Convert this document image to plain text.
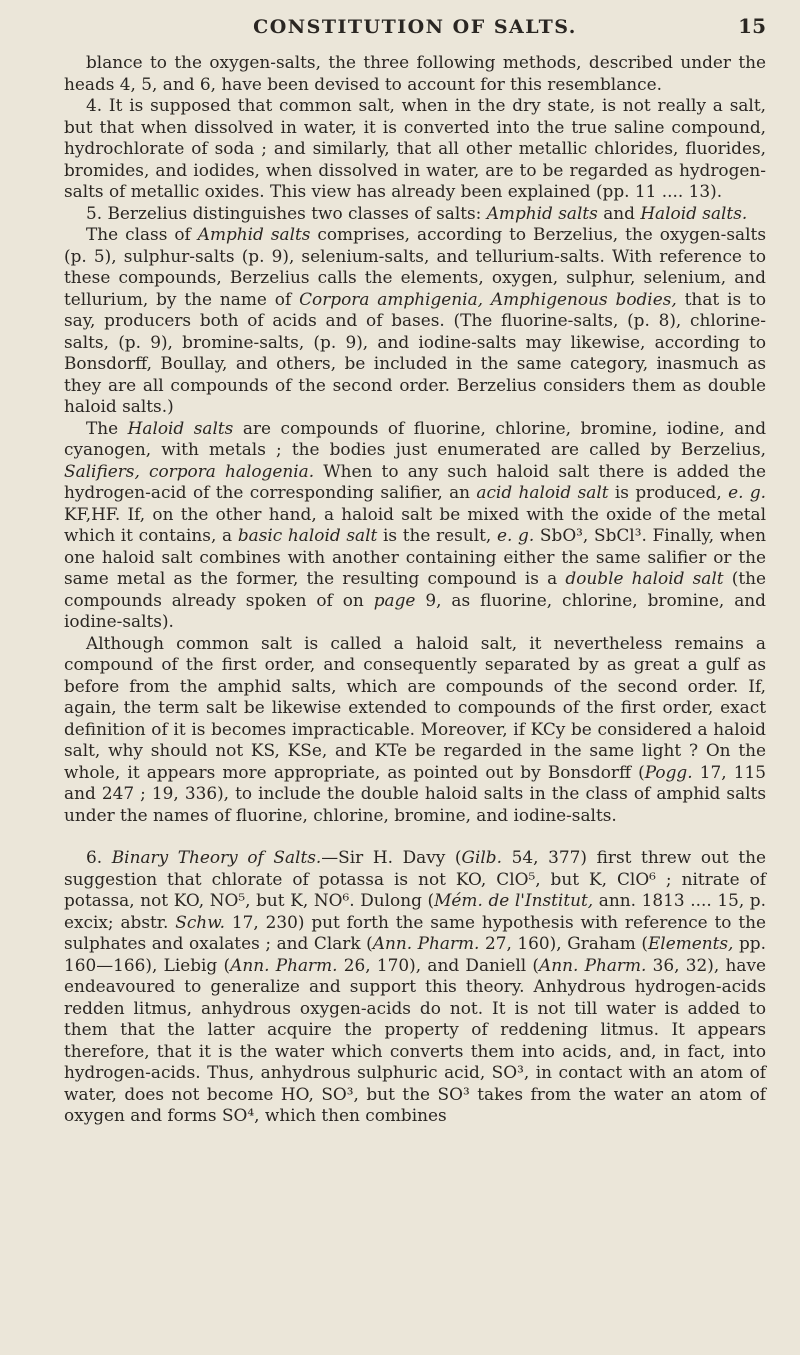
CONSTITUTION OF SALTS.	15

blance to the oxygen-salts, the three following methods, described under the heads 4, 5, and 6, have been devised to account for this resemblance.

4. It is supposed that common salt, when in the dry state, is not really a salt, but that when dissolved in water, it is converted into the true saline compound, hydrochlorate of soda ; and similarly, that all other metallic chlorides, fluorides, bromides, and iodides, when dissolved in water, are to be regarded as hydrogen-salts of metallic oxides. This view has already been explained (pp. 11 .... 13).

5. Berzelius distinguishes two classes of salts: Amphid salts and Haloid salts.

The class of Amphid salts comprises, according to Berzelius, the oxygen-salts (p. 5), sulphur-salts (p. 9), selenium-salts, and tellurium-salts. With reference to these compounds, Berzelius calls the elements, oxygen, sulphur, selenium, and tellurium, by the name of Corpora amphigenia, Amphigenous bodies, that is to say, producers both of acids and of bases. (The fluorine-salts, (p. 8), chlorine-salts, (p. 9), bromine-salts, (p. 9), and iodine-salts may likewise, according to Bonsdorff, Boullay, and others, be included in the same category, inasmuch as they are all compounds of the second order. Berzelius considers them as double haloid salts.)

The Haloid salts are compounds of fluorine, chlorine, bromine, iodine, and cyanogen, with metals ; the bodies just enumerated are called by Berzelius, Salifiers, corpora halogenia. When to any such haloid salt there is added the hydrogen-acid of the corresponding salifier, an acid haloid salt is produced, e. g. KF,HF. If, on the other hand, a haloid salt be mixed with the oxide of the metal which it contains, a basic haloid salt is the result, e. g. SbO³, SbCl³. Finally, when one haloid salt combines with another containing either the same salifier or the same metal as the former, the resulting compound is a double haloid salt (the compounds already spoken of on page 9, as fluorine, chlorine, bromine, and iodine-salts).

Although common salt is called a haloid salt, it nevertheless remains a compound of the first order, and consequently separated by as great a gulf as before from the amphid salts, which are compounds of the second order. If, again, the term salt be likewise extended to compounds of the first order, exact definition of it is becomes impracticable. Moreover, if KCy be considered a haloid salt, why should not KS, KSe, and KTe be regarded in the same light ? On the whole, it appears more appropriate, as pointed out by Bonsdorff (Pogg. 17, 115 and 247 ; 19, 336), to include the double haloid salts in the class of amphid salts under the names of fluorine, chlorine, bromine, and iodine-salts.

6. Binary Theory of Salts.—Sir H. Davy (Gilb. 54, 377) first threw out the suggestion that chlorate of potassa is not KO, ClO⁵, but K, ClO⁶ ; nitrate of potassa, not KO, NO⁵, but K, NO⁶. Dulong (Mém. de l'Institut, ann. 1813 .... 15, p. excix; abstr. Schw. 17, 230) put forth the same hypothesis with reference to the sulphates and oxalates ; and Clark (Ann. Pharm. 27, 160), Graham (Elements, pp. 160—166), Liebig (Ann. Pharm. 26, 170), and Daniell (Ann. Pharm. 36, 32), have endeavoured to generalize and support this theory. Anhydrous hydrogen-acids redden litmus, anhydrous oxygen-acids do not. It is not till water is added to them that the latter acquire the property of reddening litmus. It appears therefore, that it is the water which converts them into acids, and, in fact, into hydrogen-acids. Thus, anhydrous sulphuric acid, SO³, in contact with an atom of water, does not become HO, SO³, but the SO³ takes from the water an atom of oxygen and forms SO⁴, which then combines
